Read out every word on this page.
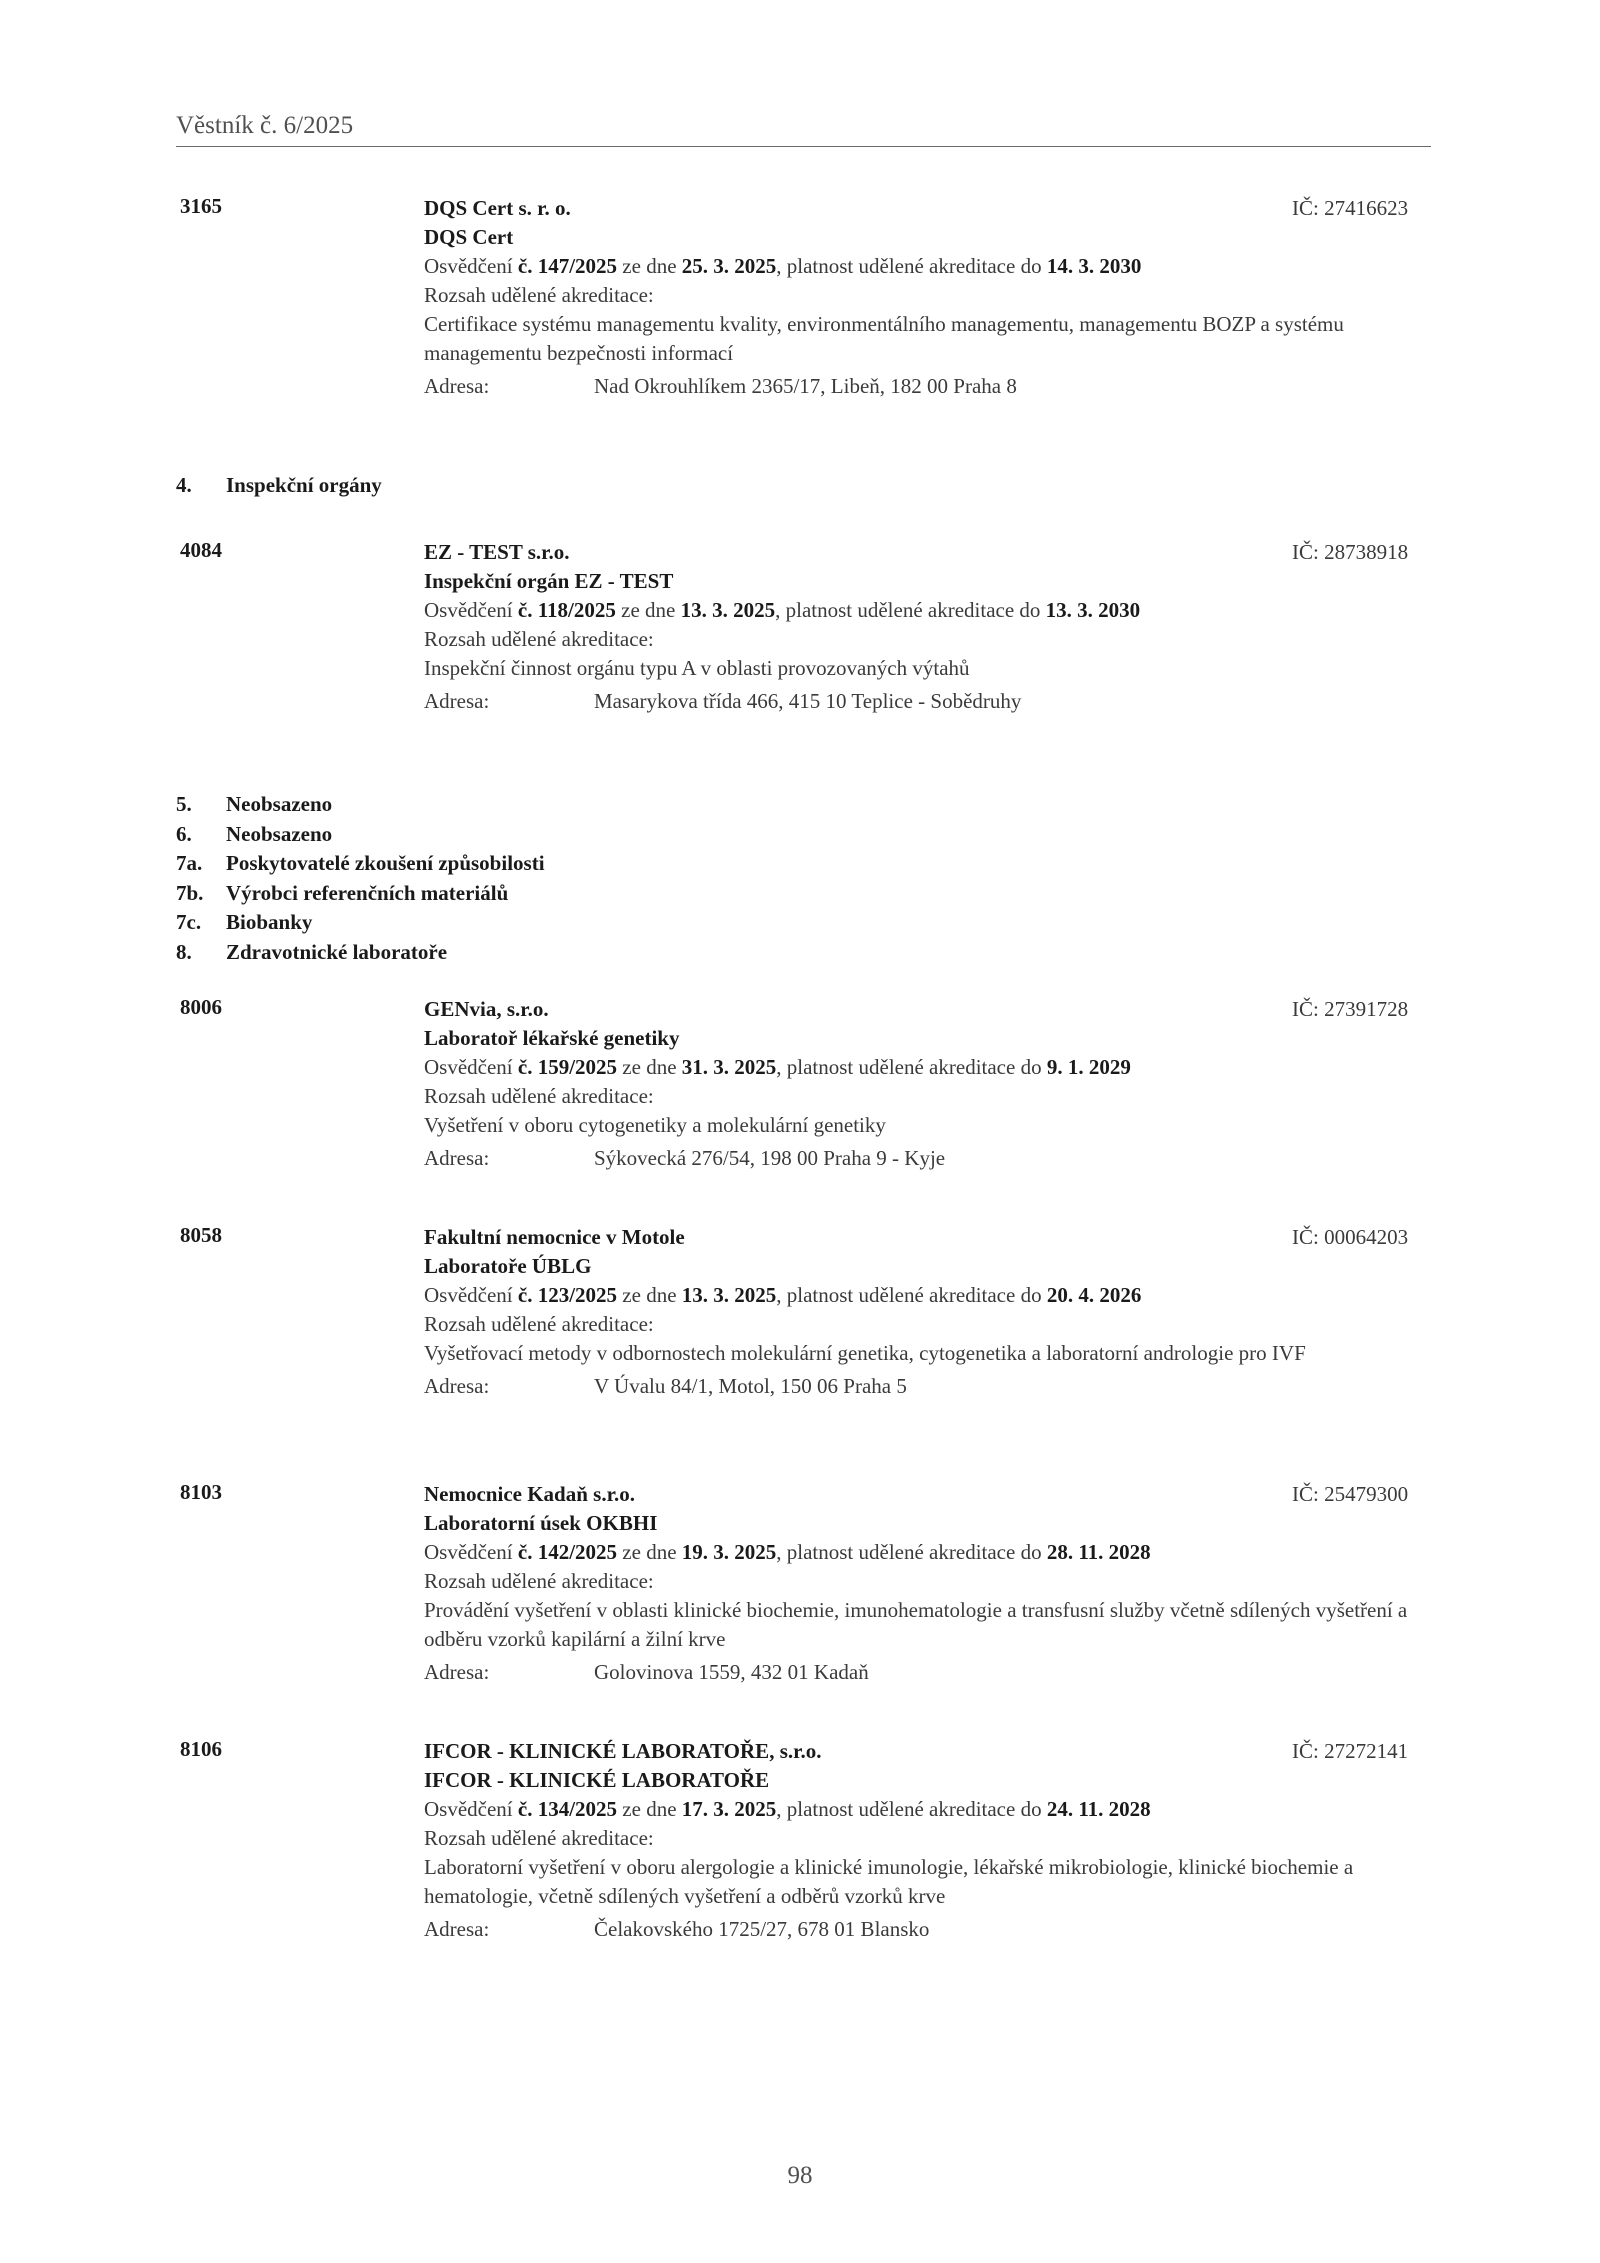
Věstník č. 6/2025
3165	DQS Cert s. r. o.	IČ: 27416623
DQS Cert
Osvědčení č. 147/2025 ze dne 25. 3. 2025, platnost udělené akreditace do 14. 3. 2030
Rozsah udělené akreditace:
Certifikace systému managementu kvality, environmentálního managementu, managementu BOZP a systému managementu bezpečnosti informací
Adresa:	Nad Okrouhlíkem 2365/17, Libeň, 182 00 Praha 8
4. Inspekční orgány
4084	EZ - TEST s.r.o.	IČ: 28738918
Inspekční orgán EZ - TEST
Osvědčení č. 118/2025 ze dne 13. 3. 2025, platnost udělené akreditace do 13. 3. 2030
Rozsah udělené akreditace:
Inspekční činnost orgánu typu A v oblasti provozovaných výtahů
Adresa:	Masarykova třída 466, 415 10 Teplice - Sobědruhy
5. Neobsazeno
6. Neobsazeno
7a. Poskytovatelé zkoušení způsobilosti
7b. Výrobci referenčních materiálů
7c. Biobanky
8. Zdravotnické laboratoře
8006	GENvia, s.r.o.	IČ: 27391728
Laboratoř lékařské genetiky
Osvědčení č. 159/2025 ze dne 31. 3. 2025, platnost udělené akreditace do 9. 1. 2029
Rozsah udělené akreditace:
Vyšetření v oboru cytogenetiky a molekulární genetiky
Adresa:	Sýkovecká 276/54, 198 00 Praha 9 - Kyje
8058	Fakultní nemocnice v Motole	IČ: 00064203
Laboratoře ÚBLG
Osvědčení č. 123/2025 ze dne 13. 3. 2025, platnost udělené akreditace do 20. 4. 2026
Rozsah udělené akreditace:
Vyšetřovací metody v odbornostech molekulární genetika, cytogenetika a laboratorní andrologie pro IVF
Adresa:	V Úvalu 84/1, Motol, 150 06 Praha 5
8103	Nemocnice Kadaň s.r.o.	IČ: 25479300
Laboratorní úsek OKBHI
Osvědčení č. 142/2025 ze dne 19. 3. 2025, platnost udělené akreditace do 28. 11. 2028
Rozsah udělené akreditace:
Provádění vyšetření v oblasti klinické biochemie, imunohematologie a transfusní služby včetně sdílených vyšetření a odběru vzorků kapilární a žilní krve
Adresa:	Golovinova 1559, 432 01 Kadaň
8106	IFCOR - KLINICKÉ LABORATOŘE, s.r.o.	IČ: 27272141
IFCOR - KLINICKÉ LABORATOŘE
Osvědčení č. 134/2025 ze dne 17. 3. 2025, platnost udělené akreditace do 24. 11. 2028
Rozsah udělené akreditace:
Laboratorní vyšetření v oboru alergologie a klinické imunologie, lékařské mikrobiologie, klinické biochemie a hematologie, včetně sdílených vyšetření a odběrů vzorků krve
Adresa:	Čelakovského 1725/27, 678 01 Blansko
98
